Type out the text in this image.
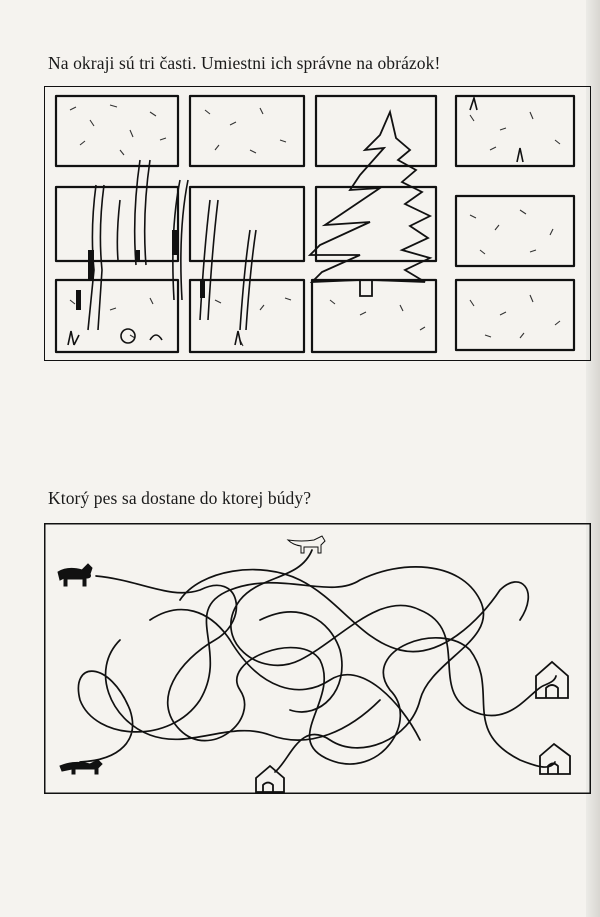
Na okraji sú tri časti. Umiestni ich správne na obrázok!
Ktorý pes sa dostane do ktorej búdy?
